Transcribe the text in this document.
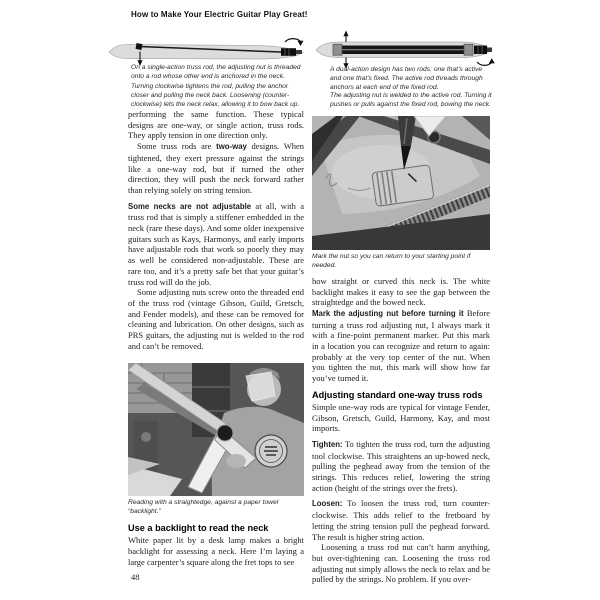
How to Make Your Electric Guitar Play Great!
On a single-action truss rod, the adjusting nut is threaded onto a rod whose other end is anchored in the neck.
Turning clockwise tightens the rod, pulling the anchor closer and pulling the neck back. Loosening (counter-clockwise) lets the neck relax, allowing it to bow back up.
A dual-action design has two rods: one that’s active and one that’s fixed. The active rod threads through anchors at each end of the fixed rod.
The adjusting nut is welded to the active rod. Turning it pushes or pulls against the fixed rod, bowing the neck.

performing the same function. These typical designs are one-way, or single action, truss rods. They apply tension in one direction only.

Some truss rods are two-way designs. When tightened, they exert pressure against the strings like a one-way rod, but if turned the other direction, they will push the neck forward rather than relying solely on string tension.

Some necks are not adjustable at all, with a truss rod that is simply a stiffener embedded in the neck (rare these days). And some older inexpensive guitars such as Kays, Harmonys, and early imports have adjustable rods that work so poorly they may as well be considered non-adjustable. These are rare too, and it’s a pretty safe bet that your guitar’s truss rod will do the job.

Some adjusting nuts screw onto the threaded end of the truss rod (vintage Gibson, Guild, Gretsch, and Fender models), and these can be removed for cleaning and lubrication. On other designs, such as PRS guitars, the adjusting nut is welded to the rod and can’t be removed.

Reading with a straightedge, against a paper towel “backlight.”
Use a backlight to read the neck

White paper lit by a desk lamp makes a bright backlight for assessing a neck. Here I’m laying a large carpenter’s square along the fret tops to see

Mark the nut so you can return to your starting point if needed.

how straight or curved this neck is. The white backlight makes it easy to see the gap between the straightedge and the bowed neck.

Mark the adjusting nut before turning it Before turning a truss rod adjusting nut, I always mark it with a fine-point permanent marker. Put this mark in a location you can recognize and return to again: probably at the very top center of the nut. When you tighten the nut, this mark will show how far you’ve turned it.

Adjusting standard one-way truss rods

Simple one-way rods are typical for vintage Fender, Gibson, Gretsch, Guild, Harmony, Kay, and most imports.

Tighten: To tighten the truss rod, turn the adjusting tool clockwise. This straightens an up-bowed neck, pulling the peghead away from the tension of the strings. This reduces relief, lowering the string action (height of the strings over the frets).

Loosen: To loosen the truss rod, turn counter-clockwise. This adds relief to the fretboard by letting the string tension pull the peghead forward. The result is higher string action.

Loosening a truss rod nut can’t harm anything, but over-tightening can. Loosening the truss rod adjusting nut simply allows the neck to relax and be pulled by the strings. No problem. If you over-

48
